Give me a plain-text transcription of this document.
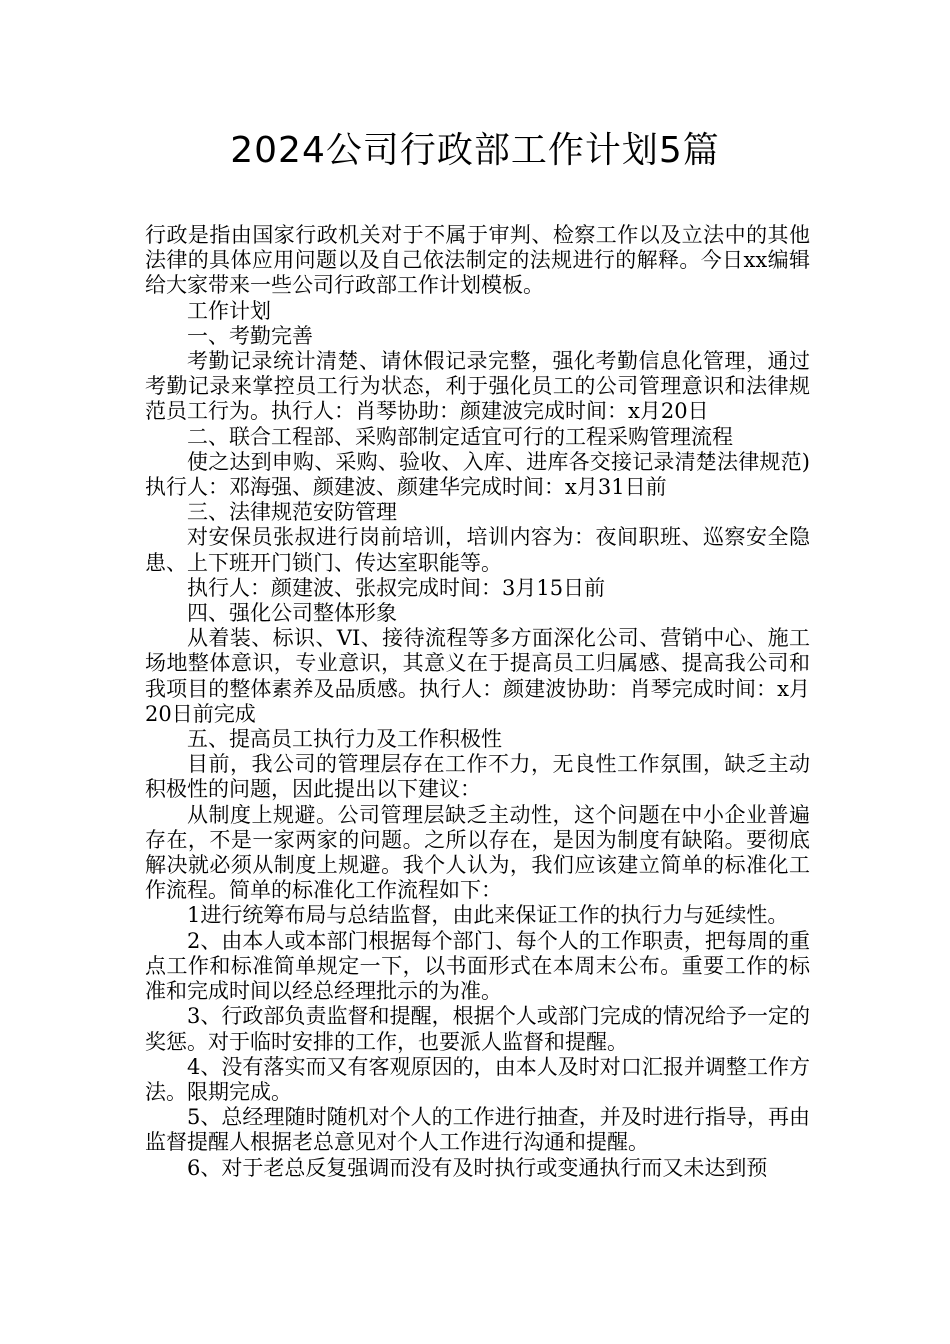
2024公司行政部工作计划5篇

行政是指由国家行政机关对于不属于审判、检察工作以及立法中的其他法律的具体应用问题以及自己依法制定的法规进行的解释。今日xx编辑给大家带来一些公司行政部工作计划模板。

工作计划

一、考勤完善

考勤记录统计清楚、请休假记录完整，强化考勤信息化管理，通过考勤记录来掌控员工行为状态，利于强化员工的公司管理意识和法律规范员工行为。执行人：肖琴协助：颜建波完成时间：x月20日

二、联合工程部、采购部制定适宜可行的工程采购管理流程

使之达到申购、采购、验收、入库、进库各交接记录清楚法律规范)执行人：邓海强、颜建波、颜建华完成时间：x月31日前

三、法律规范安防管理

对安保员张叔进行岗前培训，培训内容为：夜间职班、巡察安全隐患、上下班开门锁门、传达室职能等。

执行人：颜建波、张叔完成时间：3月15日前

四、强化公司整体形象

从着装、标识、VI、接待流程等多方面深化公司、营销中心、施工场地整体意识，专业意识，其意义在于提高员工归属感、提高我公司和我项目的整体素养及品质感。执行人：颜建波协助：肖琴完成时间：x月20日前完成

五、提高员工执行力及工作积极性

目前，我公司的管理层存在工作不力，无良性工作氛围，缺乏主动积极性的问题，因此提出以下建议：

从制度上规避。公司管理层缺乏主动性，这个问题在中小企业普遍存在，不是一家两家的问题。之所以存在，是因为制度有缺陷。要彻底解决就必须从制度上规避。我个人认为，我们应该建立简单的标准化工作流程。简单的标准化工作流程如下：

1进行统筹布局与总结监督，由此来保证工作的执行力与延续性。

2、由本人或本部门根据每个部门、每个人的工作职责，把每周的重点工作和标准简单规定一下，以书面形式在本周末公布。重要工作的标准和完成时间以经总经理批示的为准。

3、行政部负责监督和提醒，根据个人或部门完成的情况给予一定的奖惩。对于临时安排的工作，也要派人监督和提醒。

4、没有落实而又有客观原因的，由本人及时对口汇报并调整工作方法。限期完成。

5、总经理随时随机对个人的工作进行抽查，并及时进行指导，再由监督提醒人根据老总意见对个人工作进行沟通和提醒。

6、对于老总反复强调而没有及时执行或变通执行而又未达到预
